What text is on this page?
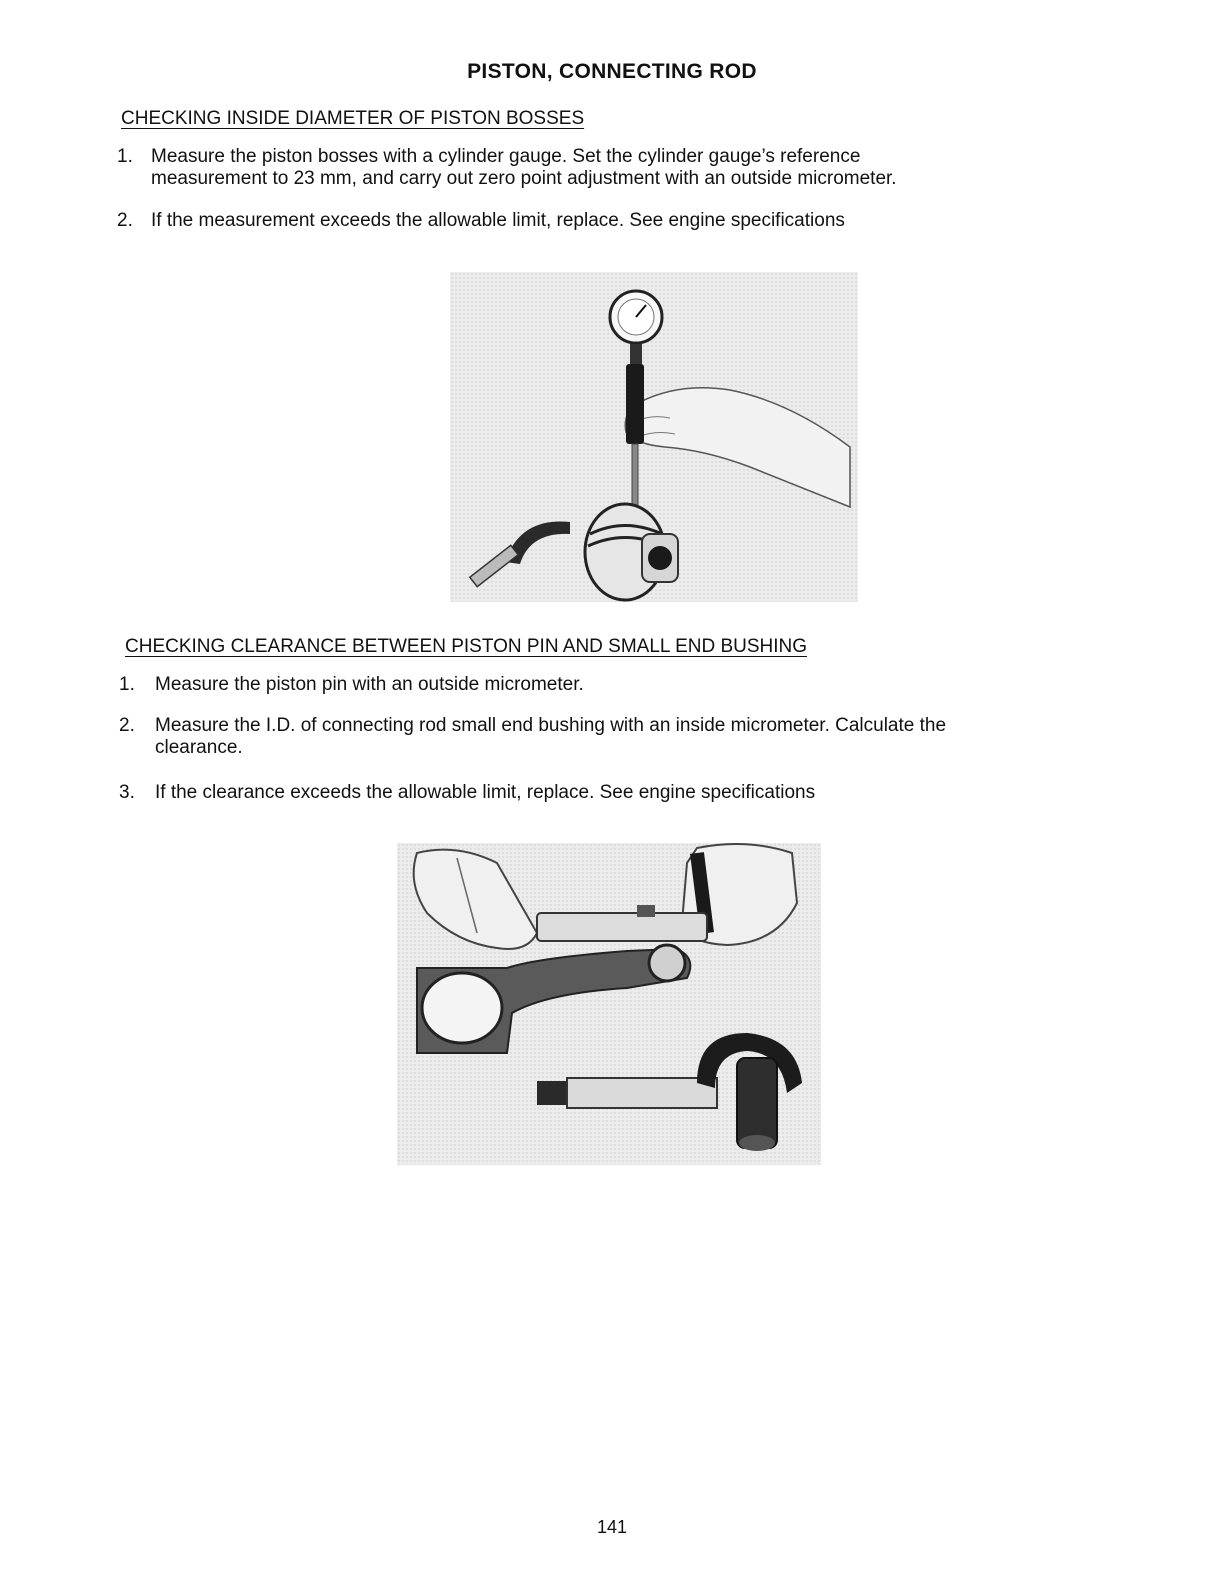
PISTON, CONNECTING ROD
CHECKING INSIDE DIAMETER OF PISTON BOSSES
1. Measure the piston bosses with a cylinder gauge. Set the cylinder gauge’s reference measurement to 23 mm, and carry out zero point adjustment with an outside micrometer.
2. If the measurement exceeds the allowable limit, replace. See engine specifications
CHECKING CLEARANCE BETWEEN PISTON PIN AND SMALL END BUSHING
1.	Measure the piston pin with an outside micrometer.
2.	Measure the I.D. of connecting rod small end bushing with an inside micrometer. Calculate the clearance.
3.	If the clearance exceeds the allowable limit, replace. See engine specifications
141
